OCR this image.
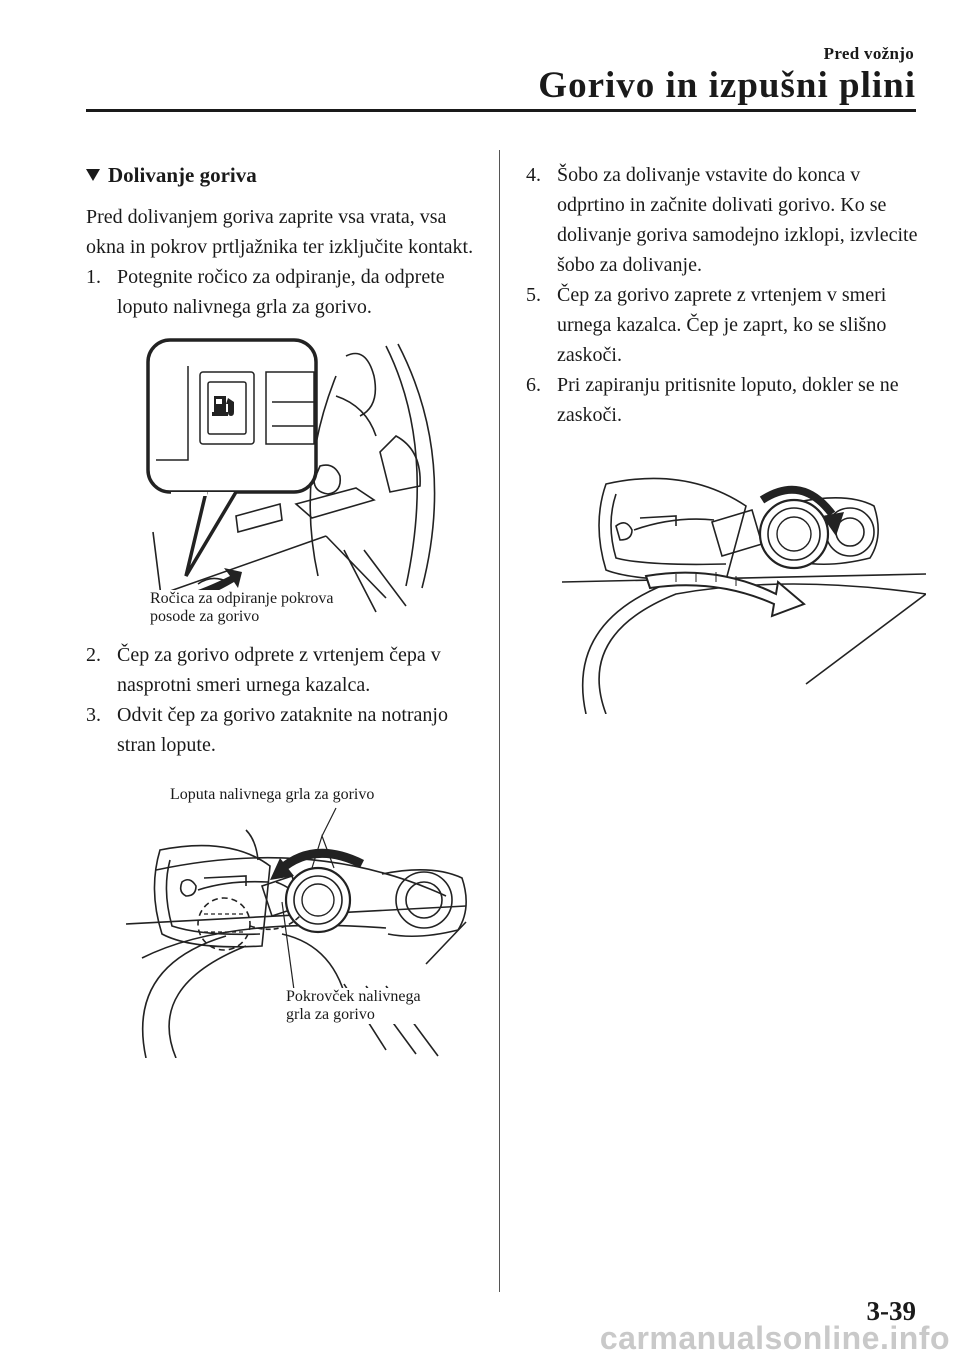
Pred vožnjo
Gorivo in izpušni plini
Dolivanje goriva

Pred dolivanjem goriva zaprite vsa vrata, vsa okna in pokrov prtljažnika ter izključite kontakt.

1. Potegnite ročico za odpiranje, da odprete loputo nalivnega grla za gorivo.
Ročica za odpiranje pokrova
posode za gorivo
2. Čep za gorivo odprete z vrtenjem čepa v nasprotni smeri urnega kazalca.
3. Odvit čep za gorivo zataknite na notranjo stran lopute.
Loputa nalivnega grla za gorivo
Pokrovček nalivnega
grla za gorivo
4. Šobo za dolivanje vstavite do konca v odprtino in začnite dolivati gorivo. Ko se dolivanje goriva samodejno izklopi, izvlecite šobo za dolivanje.
5. Čep za gorivo zaprete z vrtenjem v smeri urnega kazalca. Čep je zaprt, ko se slišno zaskoči.
6. Pri zapiranju pritisnite loputo, dokler se ne zaskoči.
3-39
carmanualsonline.info
